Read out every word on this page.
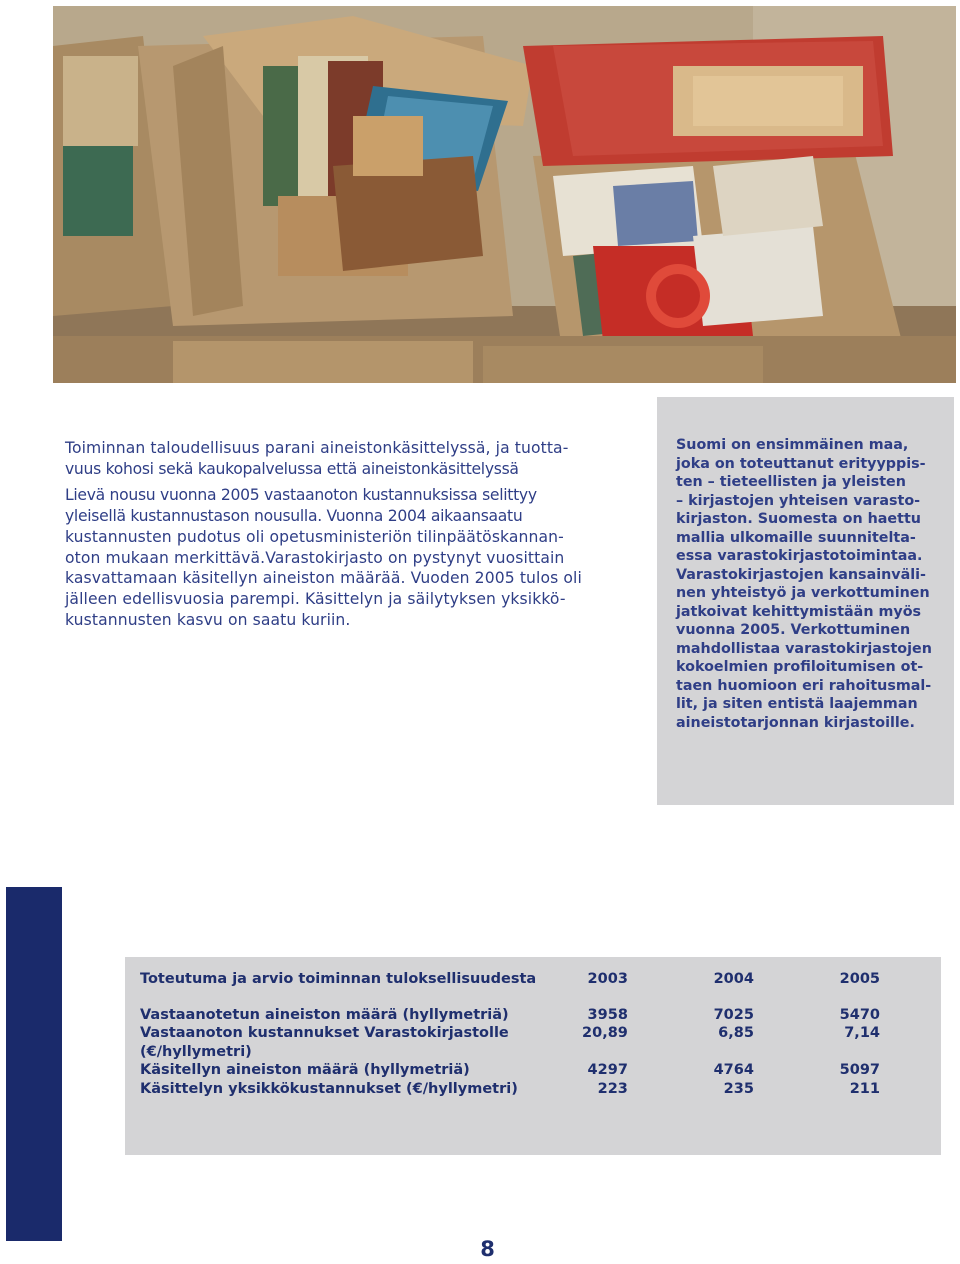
Toiminnan taloudellisuus parani aineistonkäsittelyssä, ja tuotta-
vuus kohosi sekä kaukopalvelussa että aineistonkäsittelyssä

Lievä nousu vuonna 2005 vastaanoton kustannuksissa selittyy
yleisellä kustannustason nousulla. Vuonna 2004 aikaansaatu
kustannusten pudotus oli opetusministeriön tilinpäätöskannan-
oton mukaan merkittävä.Varastokirjasto on pystynyt vuosittain
kasvattamaan käsitellyn aineiston määrää. Vuoden 2005 tulos oli
jälleen edellisvuosia parempi. Käsittelyn ja säilytyksen yksikkö-
kustannusten kasvu on saatu kuriin.

Suomi on ensimmäinen maa,
joka on toteuttanut erityyppis-
ten – tieteellisten ja yleisten
– kirjastojen yhteisen varasto-
kirjaston. Suomesta on haettu
mallia ulkomaille suunnitelta-
essa varastokirjastotoimintaa.
Varastokirjastojen kansainväli-
nen yhteistyö ja verkottuminen
jatkoivat kehittymistään myös
vuonna 2005. Verkottuminen
mahdollistaa varastokirjastojen
kokoelmien profiloitumisen ot-
taen huomioon eri rahoitusmal-
lit, ja siten entistä laajemman
aineistotarjonnan kirjastoille.

Toteutuma ja arvio toiminnan tuloksellisuudesta	2003	2004	2005
Vastaanotetun aineiston määrä (hyllymetriä)	3958	7025	5470
Vastaanoton kustannukset Varastokirjastolle
(€/hyllymetri)	20,89	6,85	7,14
Käsitellyn aineiston määrä (hyllymetriä)	4297	4764	5097
Käsittelyn yksikkökustannukset (€/hyllymetri)	223	235	211
8
